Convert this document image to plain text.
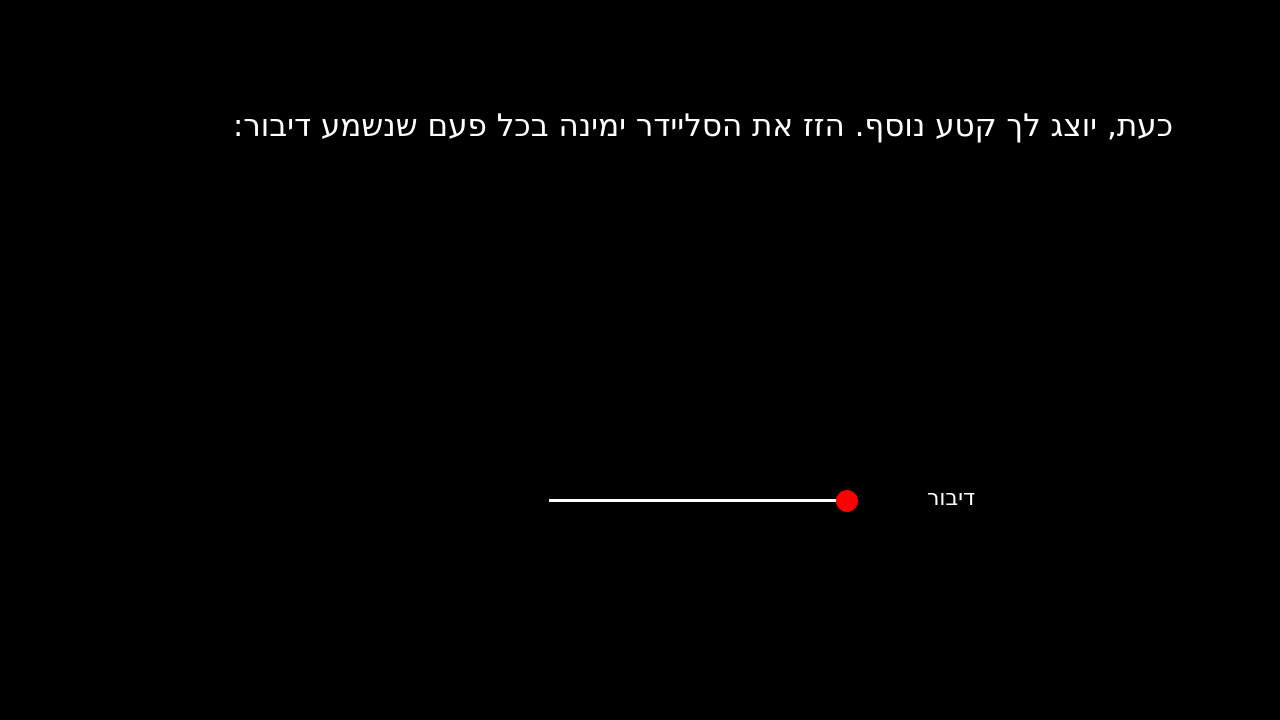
כעת, יוצג לך קטע נוסף. הזז את הסליידר ימינה בכל פעם שנשמע דיבור:
דיבור
